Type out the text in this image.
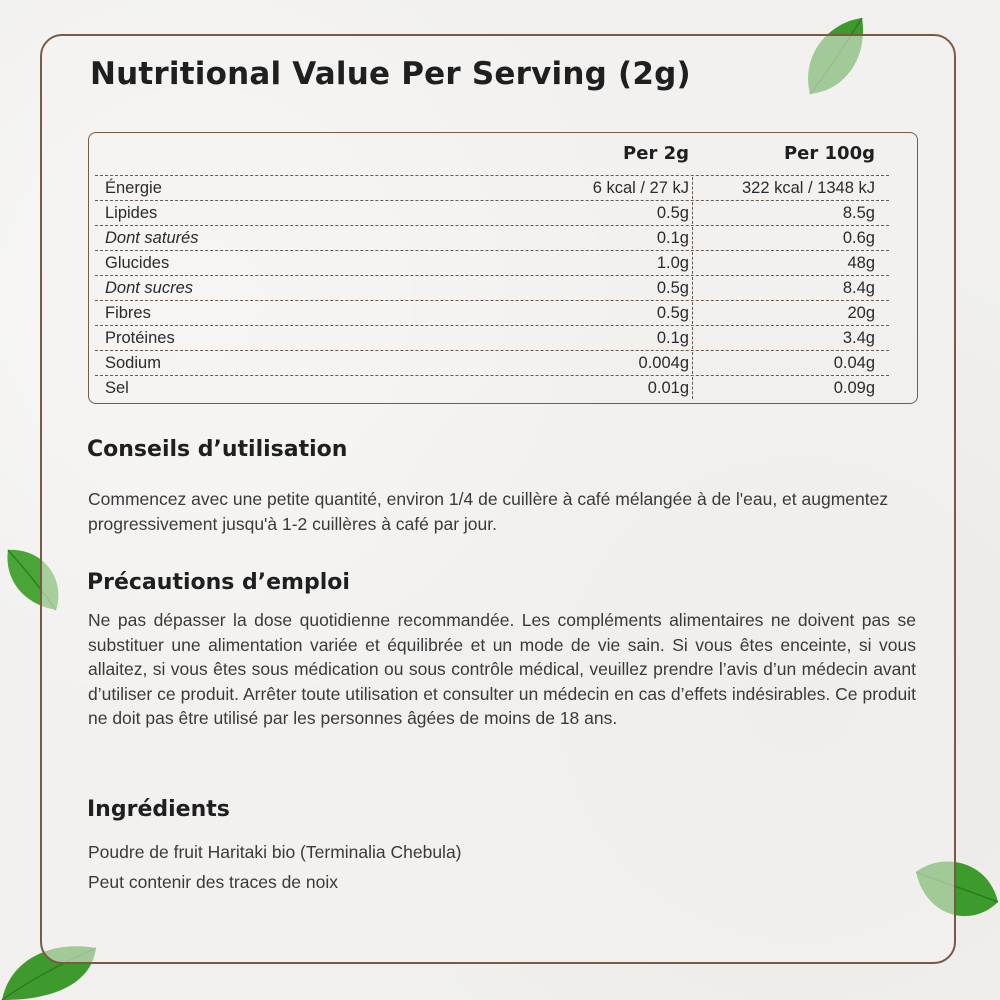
Nutritional Value Per Serving (2g)
Per 2g	Per 100g
Énergie	6 kcal / 27 kJ	322 kcal / 1348 kJ
Lipides	0.5g	8.5g
Dont saturés	0.1g	0.6g
Glucides	1.0g	48g
Dont sucres	0.5g	8.4g
Fibres	0.5g	20g
Protéines	0.1g	3.4g
Sodium	0.004g	0.04g
Sel	0.01g	0.09g
Conseils d’utilisation

Commencez avec une petite quantité, environ 1/4 de cuillère à café mélangée à de l'eau, et augmentez progressivement jusqu'à 1-2 cuillères à café par jour.

Précautions d’emploi

Ne pas dépasser la dose quotidienne recommandée. Les compléments alimentaires ne doivent pas se substituer une alimentation variée et équilibrée et un mode de vie sain. Si vous êtes enceinte, si vous allaitez, si vous êtes sous médication ou sous contrôle médical, veuillez prendre l’avis d’un médecin avant d’utiliser ce produit. Arrêter toute utilisation et consulter un médecin en cas d’effets indésirables. Ce produit ne doit pas être utilisé par les personnes âgées de moins de 18 ans.

Ingrédients

Poudre de fruit Haritaki bio (Terminalia Chebula)

Peut contenir des traces de noix
